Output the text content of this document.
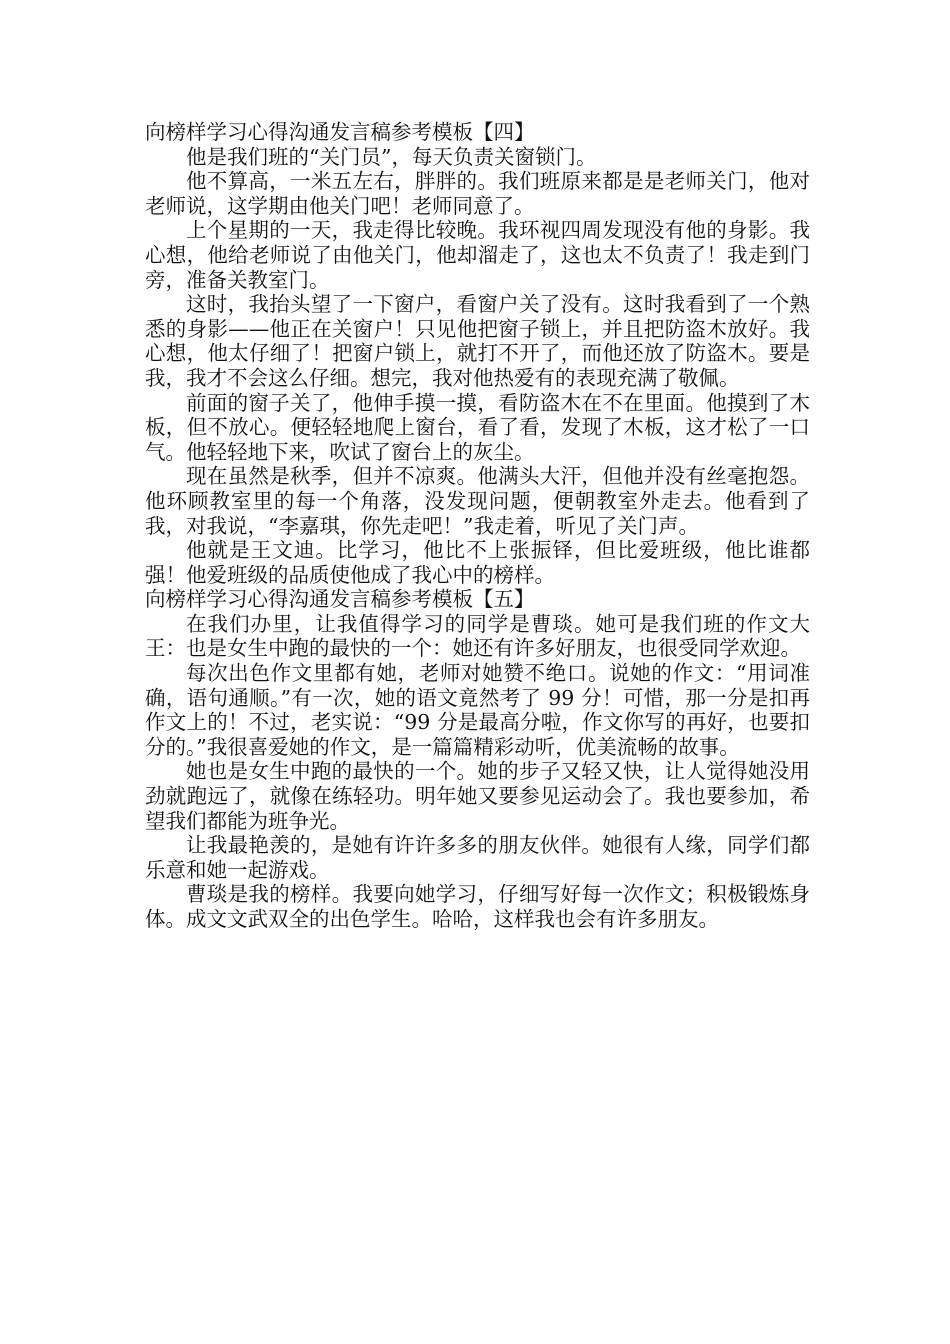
向榜样学习心得沟通发言稿参考模板【四】

他是我们班的“关门员”，每天负责关窗锁门。

他不算高，一米五左右，胖胖的。我们班原来都是是老师关门，他对老师说，这学期由他关门吧！老师同意了。

上个星期的一天，我走得比较晚。我环视四周发现没有他的身影。我心想，他给老师说了由他关门，他却溜走了，这也太不负责了！我走到门旁，准备关教室门。

这时，我抬头望了一下窗户，看窗户关了没有。这时我看到了一个熟悉的身影——他正在关窗户！只见他把窗子锁上，并且把防盗木放好。我心想，他太仔细了！把窗户锁上，就打不开了，而他还放了防盗木。要是我，我才不会这么仔细。想完，我对他热爱有的表现充满了敬佩。

前面的窗子关了，他伸手摸一摸，看防盗木在不在里面。他摸到了木板，但不放心。便轻轻地爬上窗台，看了看，发现了木板，这才松了一口气。他轻轻地下来，吹试了窗台上的灰尘。

现在虽然是秋季，但并不凉爽。他满头大汗，但他并没有丝毫抱怨。他环顾教室里的每一个角落，没发现问题，便朝教室外走去。他看到了我，对我说，“李嘉琪，你先走吧！”我走着，听见了关门声。

他就是王文迪。比学习，他比不上张振铎，但比爱班级，他比谁都强！他爱班级的品质使他成了我心中的榜样。

向榜样学习心得沟通发言稿参考模板【五】

在我们办里，让我值得学习的同学是曹琰。她可是我们班的作文大王：也是女生中跑的最快的一个：她还有许多好朋友，也很受同学欢迎。

每次出色作文里都有她，老师对她赞不绝口。说她的作文：“用词准确，语句通顺。”有一次，她的语文竟然考了 99 分！可惜，那一分是扣再作文上的！不过，老实说：“99 分是最高分啦，作文你写的再好，也要扣分的。”我很喜爱她的作文，是一篇篇精彩动听，优美流畅的故事。

她也是女生中跑的最快的一个。她的步子又轻又快，让人觉得她没用劲就跑远了，就像在练轻功。明年她又要参见运动会了。我也要参加，希望我们都能为班争光。

让我最艳羡的，是她有许许多多的朋友伙伴。她很有人缘，同学们都乐意和她一起游戏。

曹琰是我的榜样。我要向她学习，仔细写好每一次作文；积极锻炼身体。成文文武双全的出色学生。哈哈，这样我也会有许多朋友。
